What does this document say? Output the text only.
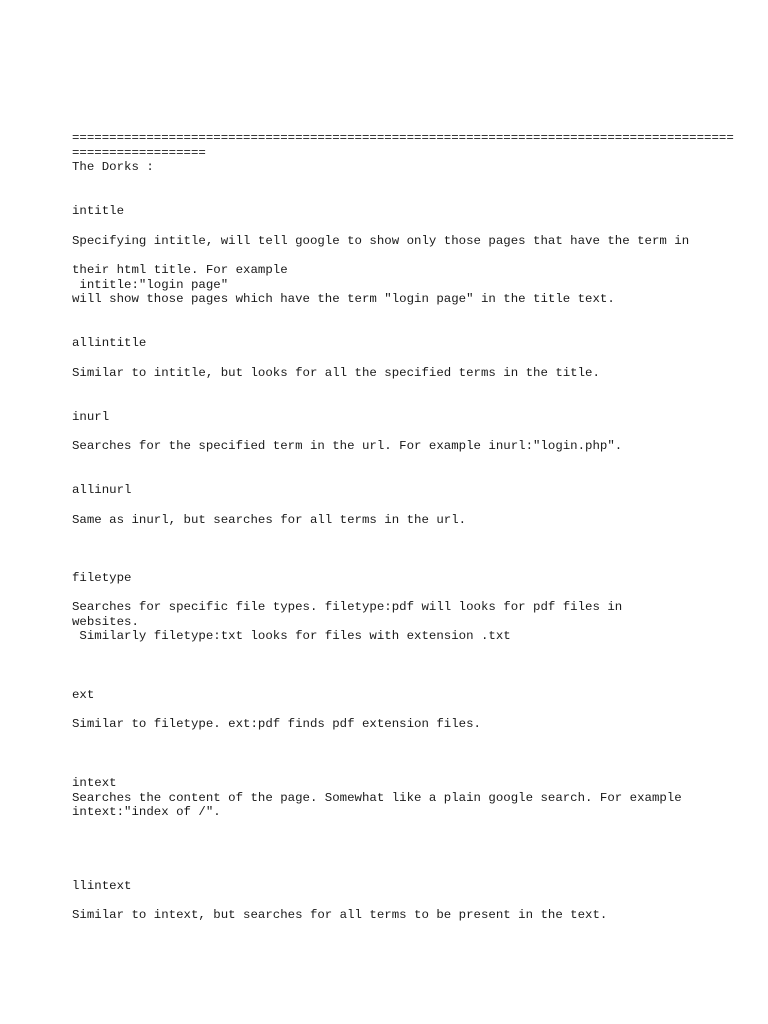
=========================================================================================

==================

The Dorks :

intitle

Specifying intitle, will tell google to show only those pages that have the term in

their html title. For example

intitle:"login page"

will show those pages which have the term "login page" in the title text.

allintitle

Similar to intitle, but looks for all the specified terms in the title.

inurl

Searches for the specified term in the url. For example inurl:"login.php".

allinurl

Same as inurl, but searches for all terms in the url.

filetype

Searches for specific file types. filetype:pdf will looks for pdf files in

websites.

Similarly filetype:txt looks for files with extension .txt

ext

Similar to filetype. ext:pdf finds pdf extension files.

intext

Searches the content of the page. Somewhat like a plain google search. For example

intext:"index of /".

llintext

Similar to intext, but searches for all terms to be present in the text.
